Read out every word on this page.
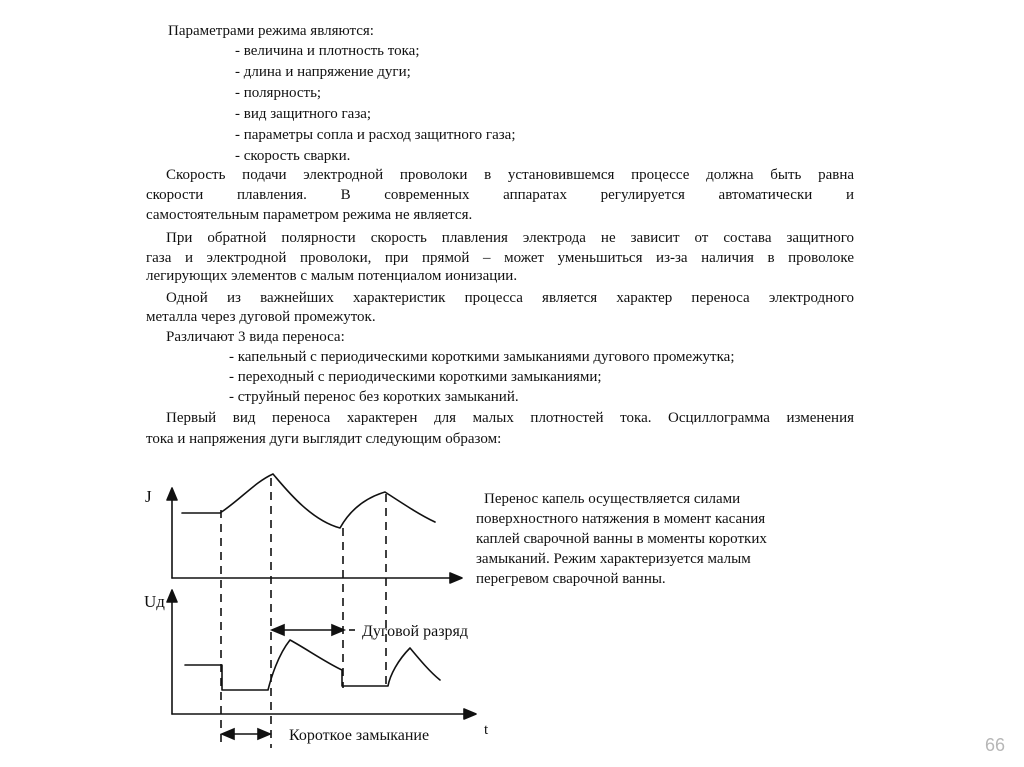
Параметрами режима являются:

- величина и плотность тока;

- длина и напряжение дуги;

- полярность;

- вид защитного газа;

- параметры сопла и расход защитного газа;

- скорость сварки.

Скорость подачи электродной проволоки в установившемся процессе должна быть равна

скорости плавления. В современных аппаратах регулируется автоматически и

самостоятельным параметром режима не является.

При обратной полярности скорость плавления электрода не зависит от состава защитного

газа и электродной проволоки, при прямой – может уменьшиться из-за наличия в проволоке

легирующих элементов с малым потенциалом ионизации.

Одной из важнейших характеристик процесса является характер переноса электродного

металла через дуговой промежуток.

Различают 3 вида переноса:

- капельный с периодическими короткими замыканиями дугового промежутка;

- переходный с периодическими короткими замыканиями;

- струйный перенос без коротких замыканий.

Первый вид переноса характерен для малых плотностей тока. Осциллограмма изменения

тока и напряжения дуги выглядит следующим образом:

J
Uд
t
Дуговой разряд
Короткое замыкание

Перенос капель осуществляется силами

поверхностного натяжения в момент касания

каплей сварочной ванны в моменты коротких

замыканий. Режим характеризуется малым

перегревом сварочной ванны.

66
